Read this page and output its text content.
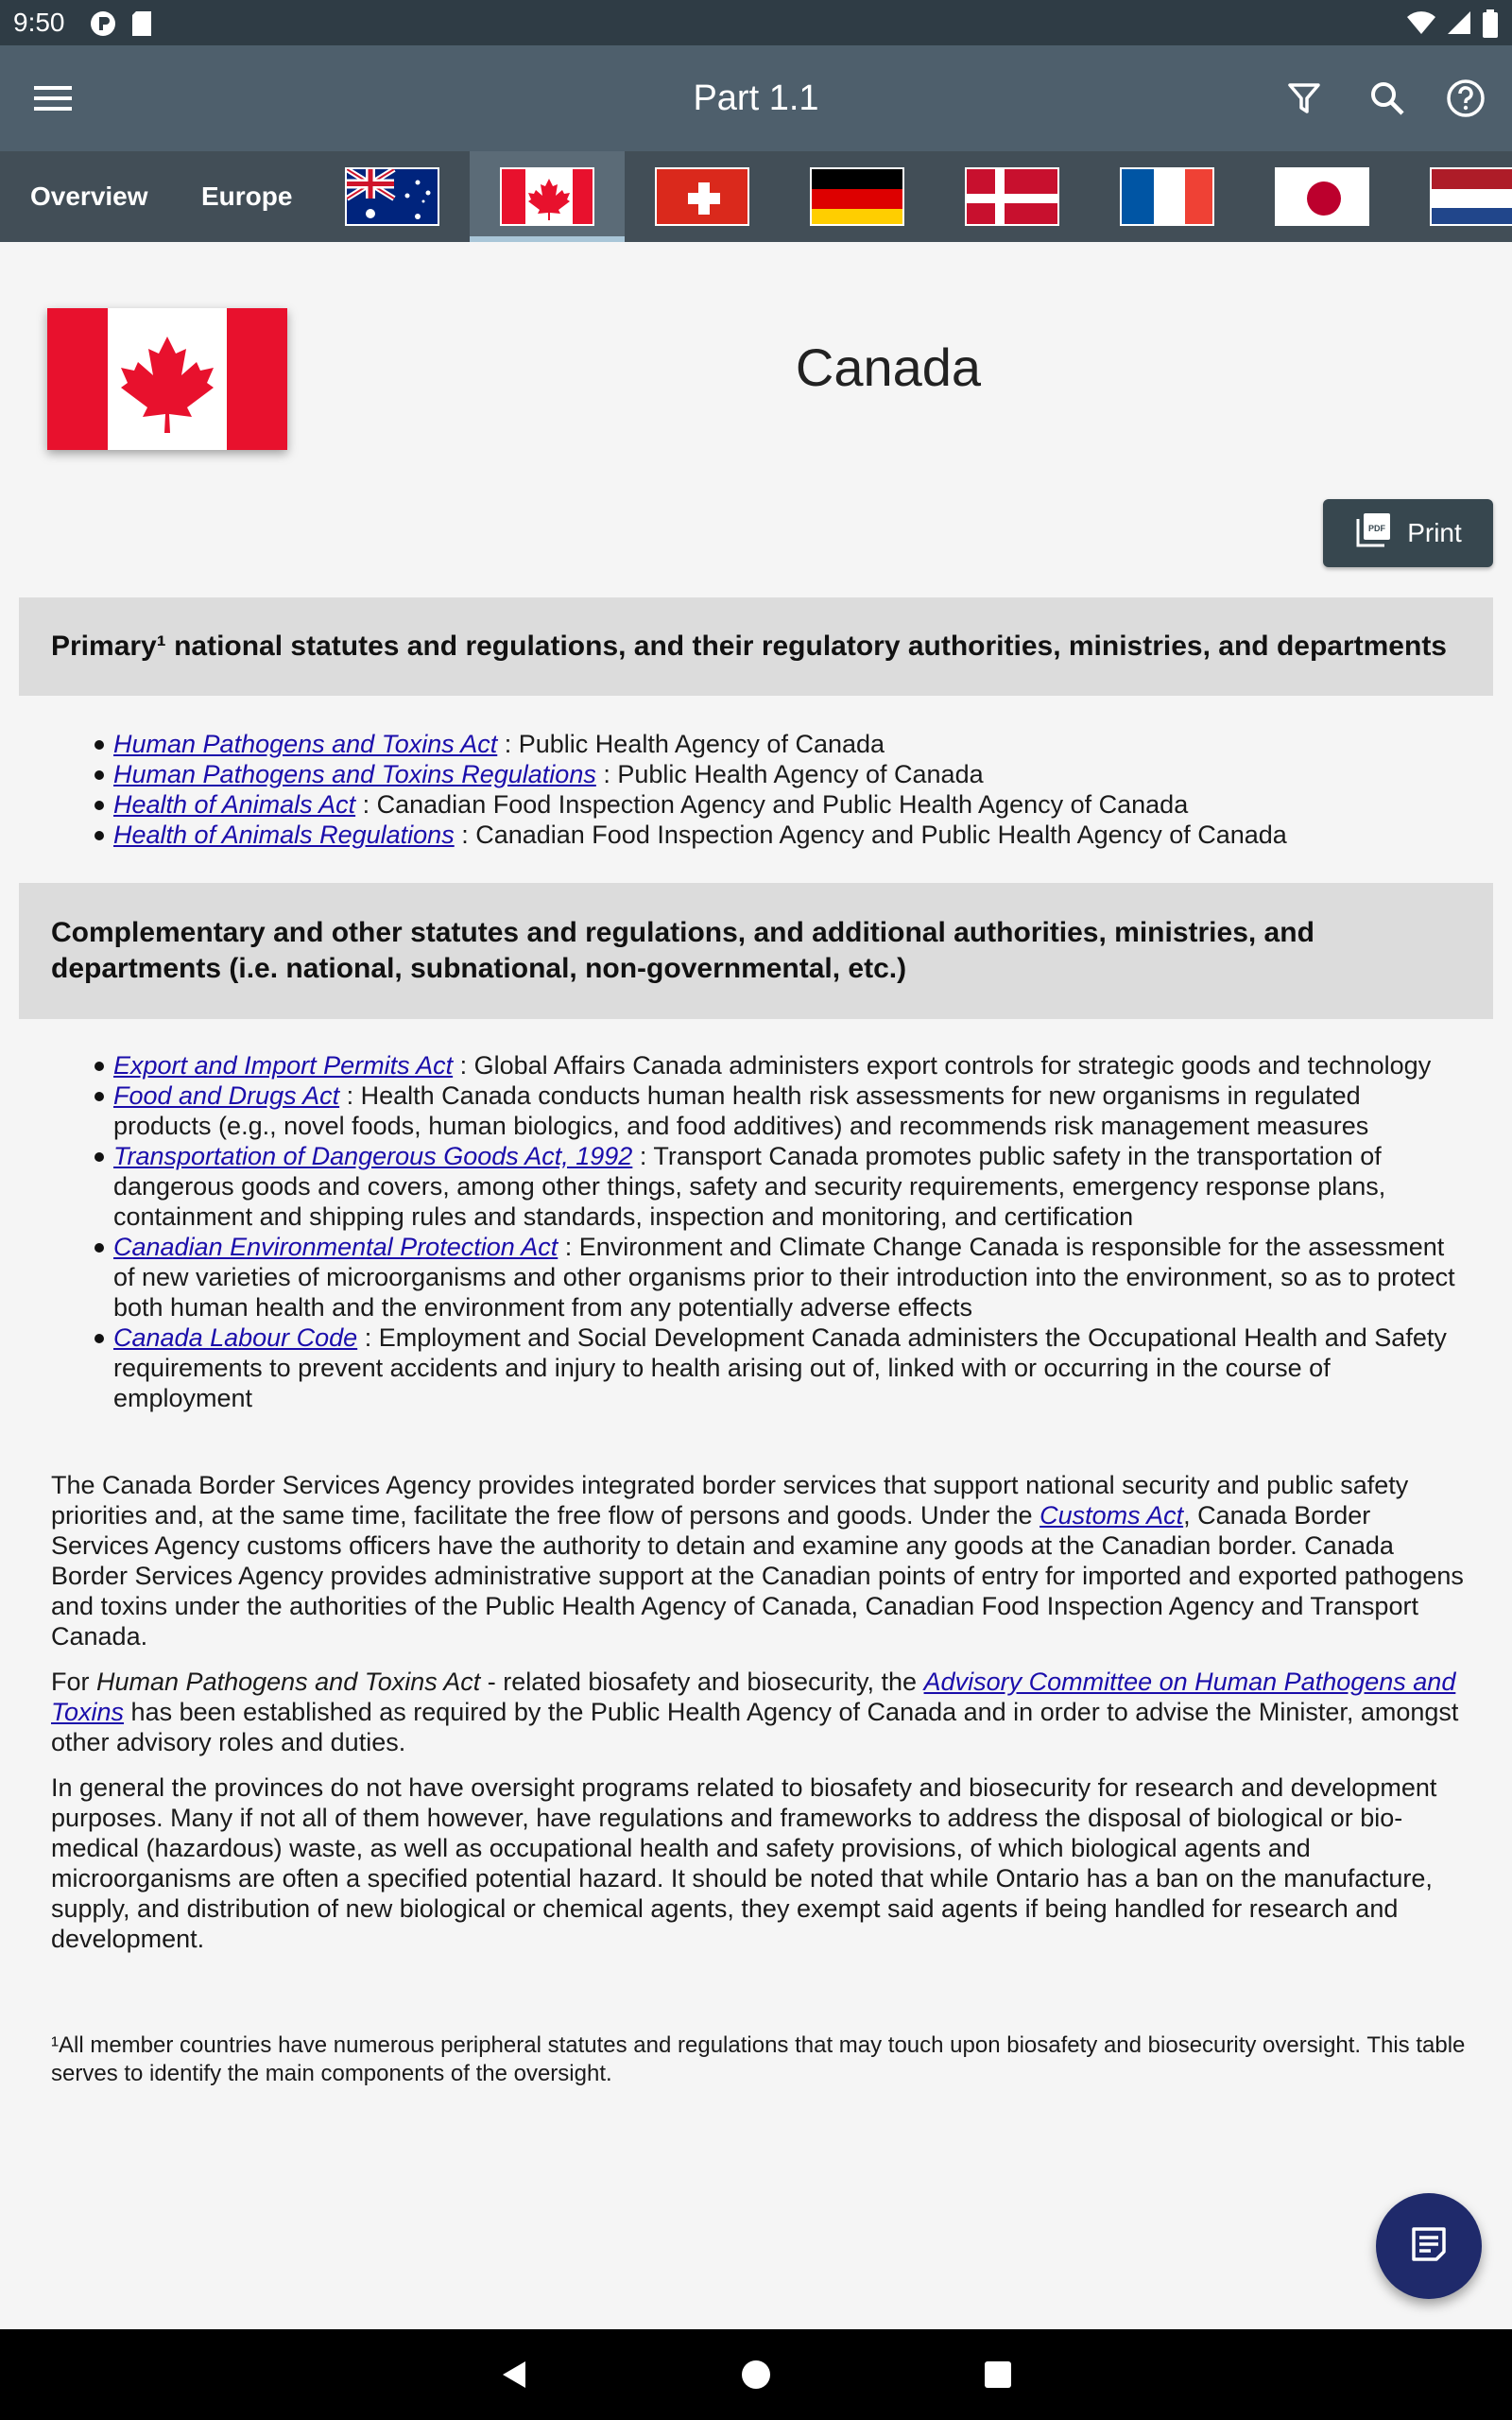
9:50
Part 1.1
Overview Europe
Canada
PDF Print
Primary¹ national statutes and regulations, and their regulatory authorities, ministries, and departments
Human Pathogens and Toxins Act : Public Health Agency of Canada
Human Pathogens and Toxins Regulations : Public Health Agency of Canada
Health of Animals Act : Canadian Food Inspection Agency and Public Health Agency of Canada
Health of Animals Regulations : Canadian Food Inspection Agency and Public Health Agency of Canada
Complementary and other statutes and regulations, and additional authorities, ministries, and departments (i.e. national, subnational, non-governmental, etc.)
Export and Import Permits Act : Global Affairs Canada administers export controls for strategic goods and technology
Food and Drugs Act : Health Canada conducts human health risk assessments for new organisms in regulated products (e.g., novel foods, human biologics, and food additives) and recommends risk management measures
Transportation of Dangerous Goods Act, 1992 : Transport Canada promotes public safety in the transportation of dangerous goods and covers, among other things, safety and security requirements, emergency response plans, containment and shipping rules and standards, inspection and monitoring, and certification
Canadian Environmental Protection Act : Environment and Climate Change Canada is responsible for the assessment of new varieties of microorganisms and other organisms prior to their introduction into the environment, so as to protect both human health and the environment from any potentially adverse effects
Canada Labour Code : Employment and Social Development Canada administers the Occupational Health and Safety requirements to prevent accidents and injury to health arising out of, linked with or occurring in the course of employment

The Canada Border Services Agency provides integrated border services that support national security and public safety priorities and, at the same time, facilitate the free flow of persons and goods. Under the Customs Act, Canada Border Services Agency customs officers have the authority to detain and examine any goods at the Canadian border. Canada Border Services Agency provides administrative support at the Canadian points of entry for imported and exported pathogens and toxins under the authorities of the Public Health Agency of Canada, Canadian Food Inspection Agency and Transport Canada.

For Human Pathogens and Toxins Act - related biosafety and biosecurity, the Advisory Committee on Human Pathogens and Toxins has been established as required by the Public Health Agency of Canada and in order to advise the Minister, amongst other advisory roles and duties.

In general the provinces do not have oversight programs related to biosafety and biosecurity for research and development purposes. Many if not all of them however, have regulations and frameworks to address the disposal of biological or bio-medical (hazardous) waste, as well as occupational health and safety provisions, of which biological agents and microorganisms are often a specified potential hazard. It should be noted that while Ontario has a ban on the manufacture, supply, and distribution of new biological or chemical agents, they exempt said agents if being handled for research and development.

¹All member countries have numerous peripheral statutes and regulations that may touch upon biosafety and biosecurity oversight. This table serves to identify the main components of the oversight.
